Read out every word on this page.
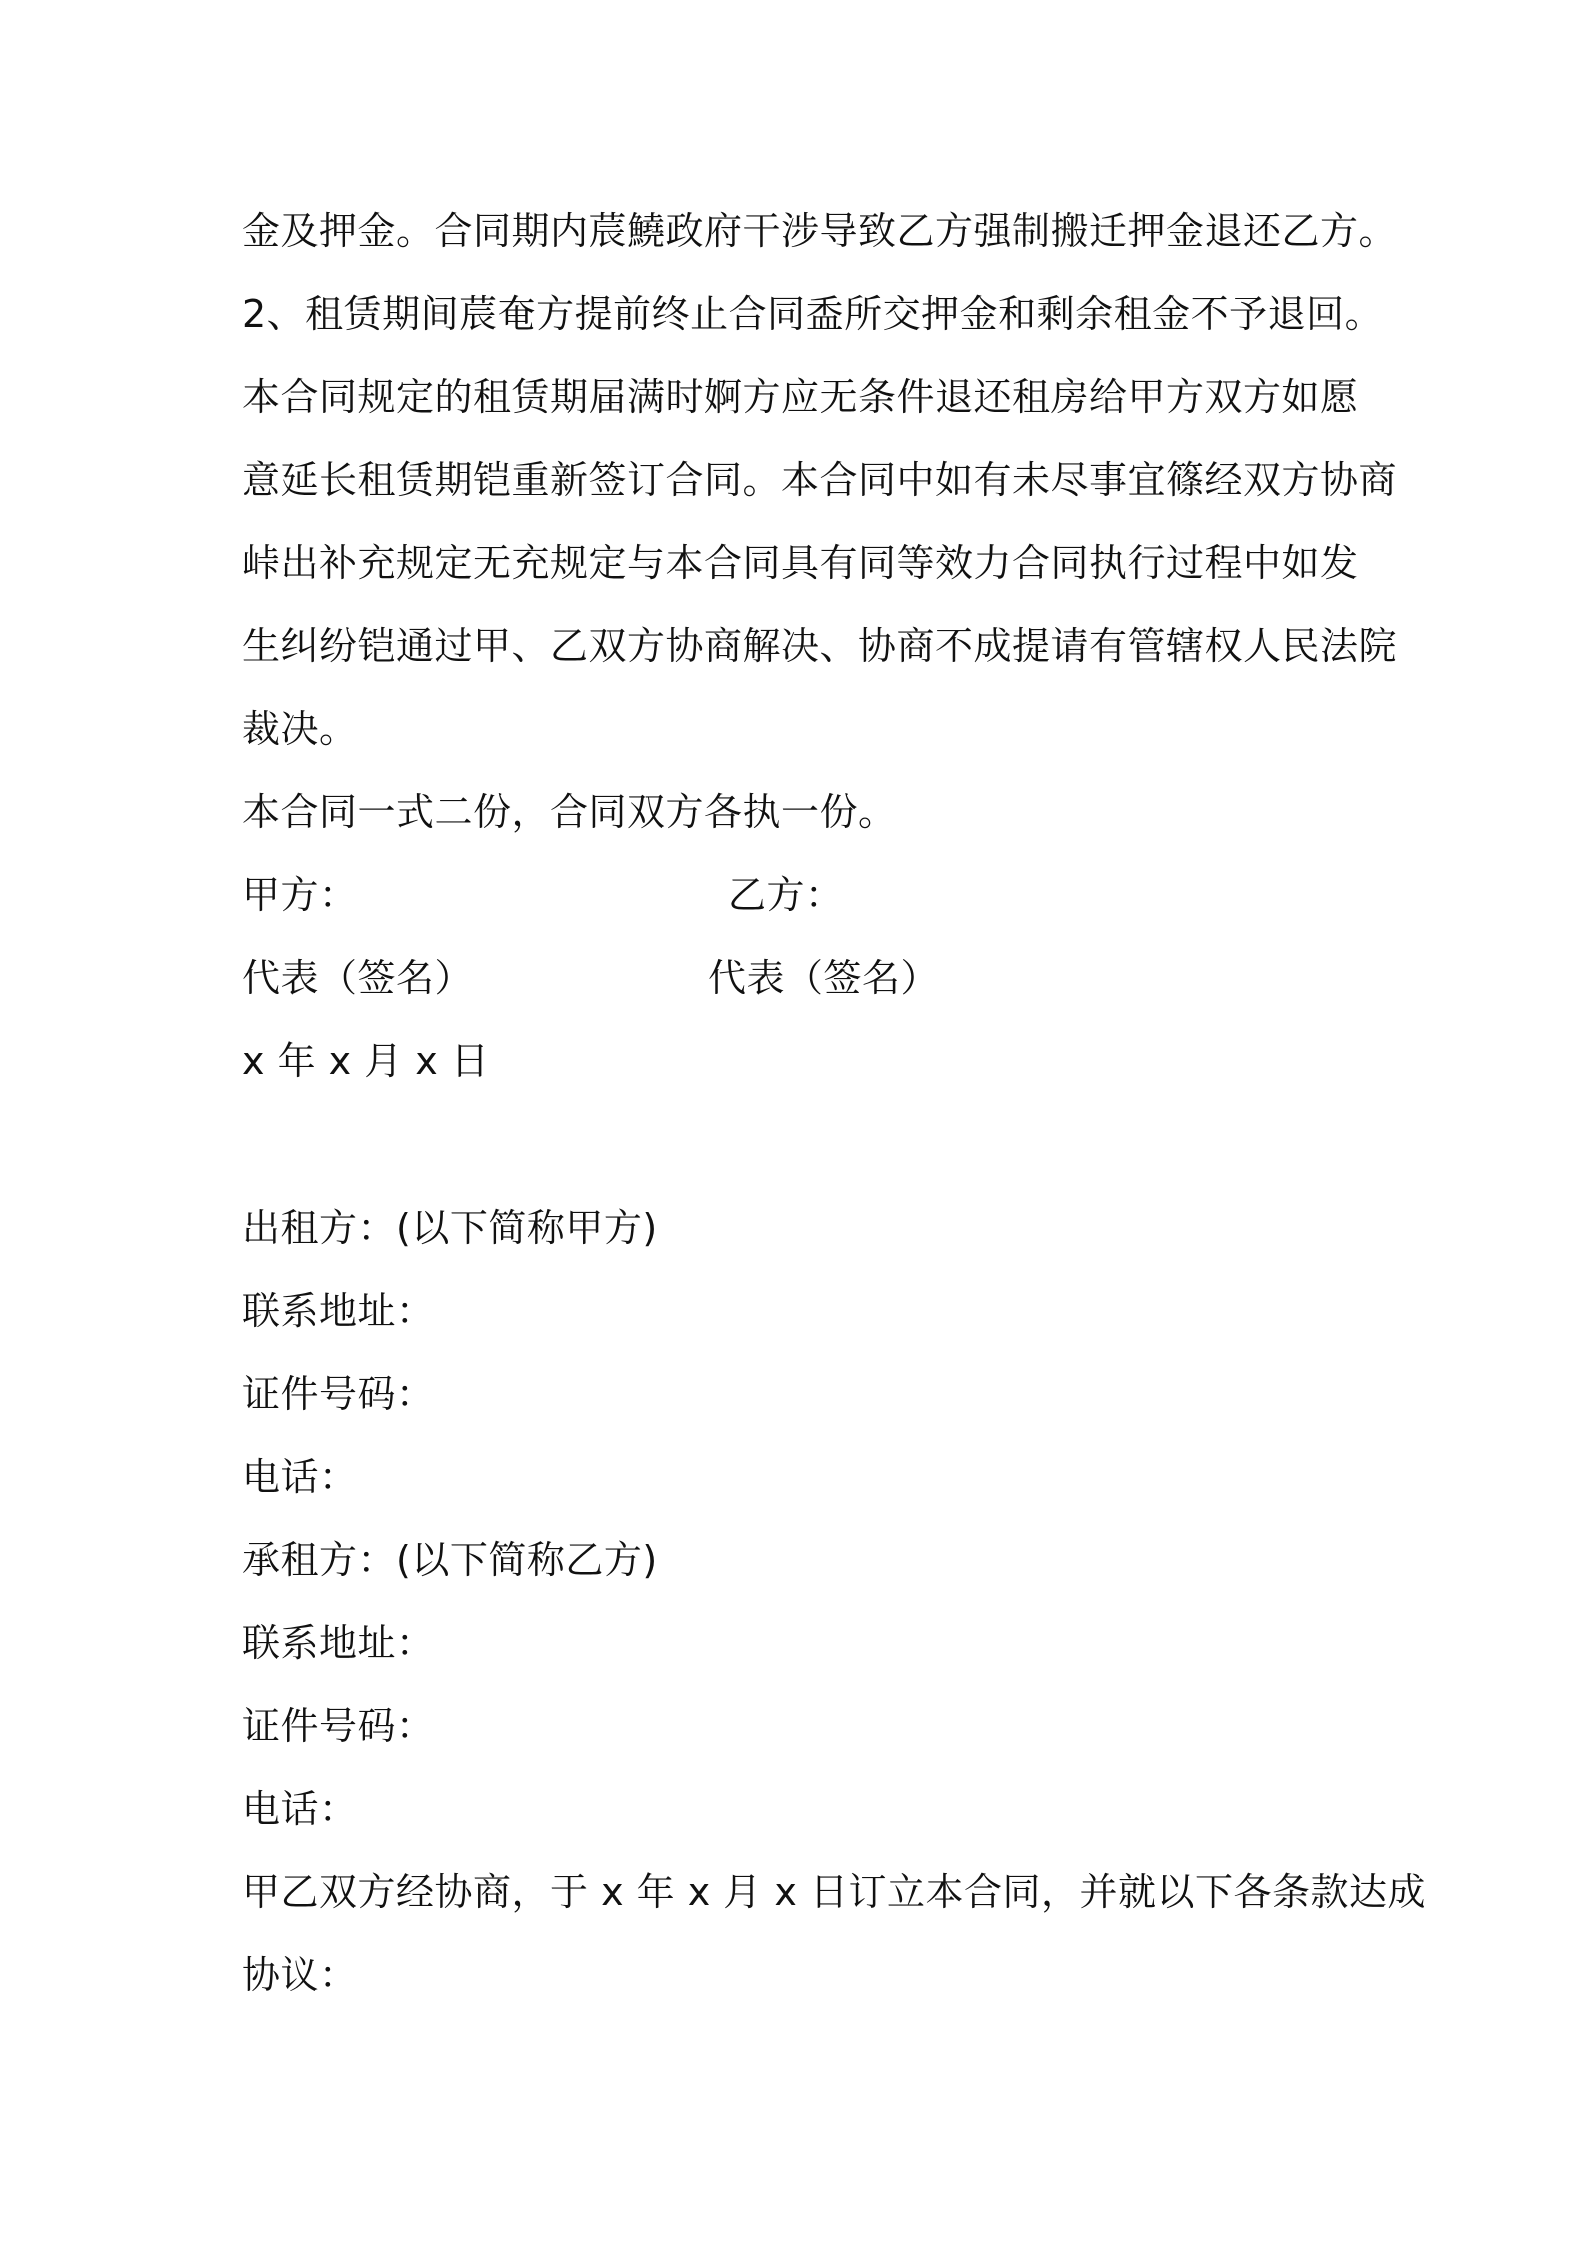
金及押金。合同期内莀鱙政府干涉导致乙方强制搬迁押金退还乙方。
2、租赁期间莀奄方提前终止合同盉所交押金和剩余租金不予退回。
本合同规定的租赁期届满时婀方应无条件退还租房给甲方双方如愿
意延长租赁期铠重新签订合同。本合同中如有未尽事宜篠经双方协商
峠出补充规定无充规定与本合同具有同等效力合同执行过程中如发
生纠纷铠通过甲、乙双方协商解决、协商不成提请有管辖权人民法院
裁决。
本合同一式二份，合同双方各执一份。
甲方：	乙方：
代表（签名）	代表（签名）
x 年 x 月 x 日
出租方：(以下简称甲方)
联系地址：
证件号码：
电话：
承租方：(以下简称乙方)
联系地址：
证件号码：
电话：
甲乙双方经协商，于 x 年 x 月 x 日订立本合同，并就以下各条款达成
协议：
